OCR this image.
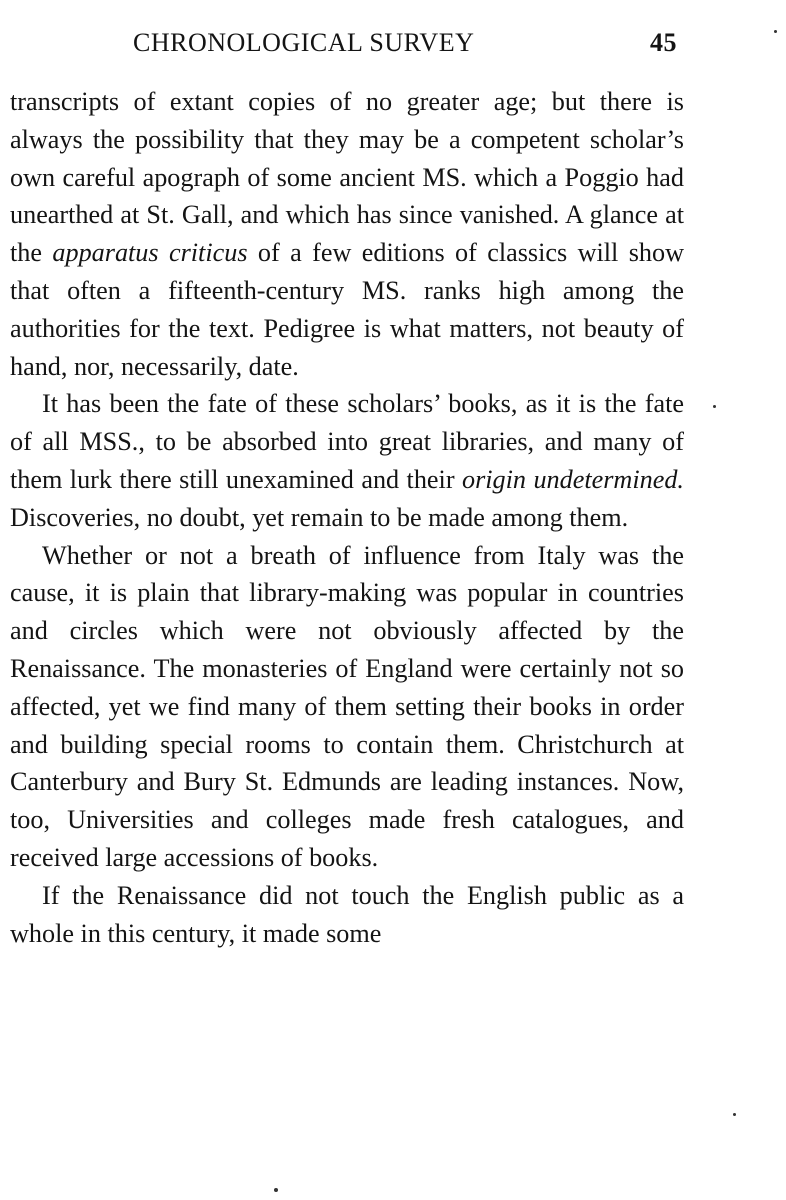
CHRONOLOGICAL SURVEY	45

transcripts of extant copies of no greater age; but there is always the possibility that they may be a competent scholar’s own careful apograph of some ancient MS. which a Poggio had unearthed at St. Gall, and which has since vanished. A glance at the apparatus criticus of a few editions of classics will show that often a fifteenth-century MS. ranks high among the authorities for the text. Pedigree is what matters, not beauty of hand, nor, necessarily, date.

It has been the fate of these scholars’ books, as it is the fate of all MSS., to be absorbed into great libraries, and many of them lurk there still unexamined and their origin undetermined. Discoveries, no doubt, yet remain to be made among them.

Whether or not a breath of influence from Italy was the cause, it is plain that library-making was popular in countries and circles which were not obviously affected by the Renaissance. The monasteries of England were certainly not so affected, yet we find many of them setting their books in order and building special rooms to contain them. Christchurch at Canterbury and Bury St. Edmunds are leading instances. Now, too, Universities and colleges made fresh catalogues, and received large accessions of books.

If the Renaissance did not touch the English public as a whole in this century, it made some
